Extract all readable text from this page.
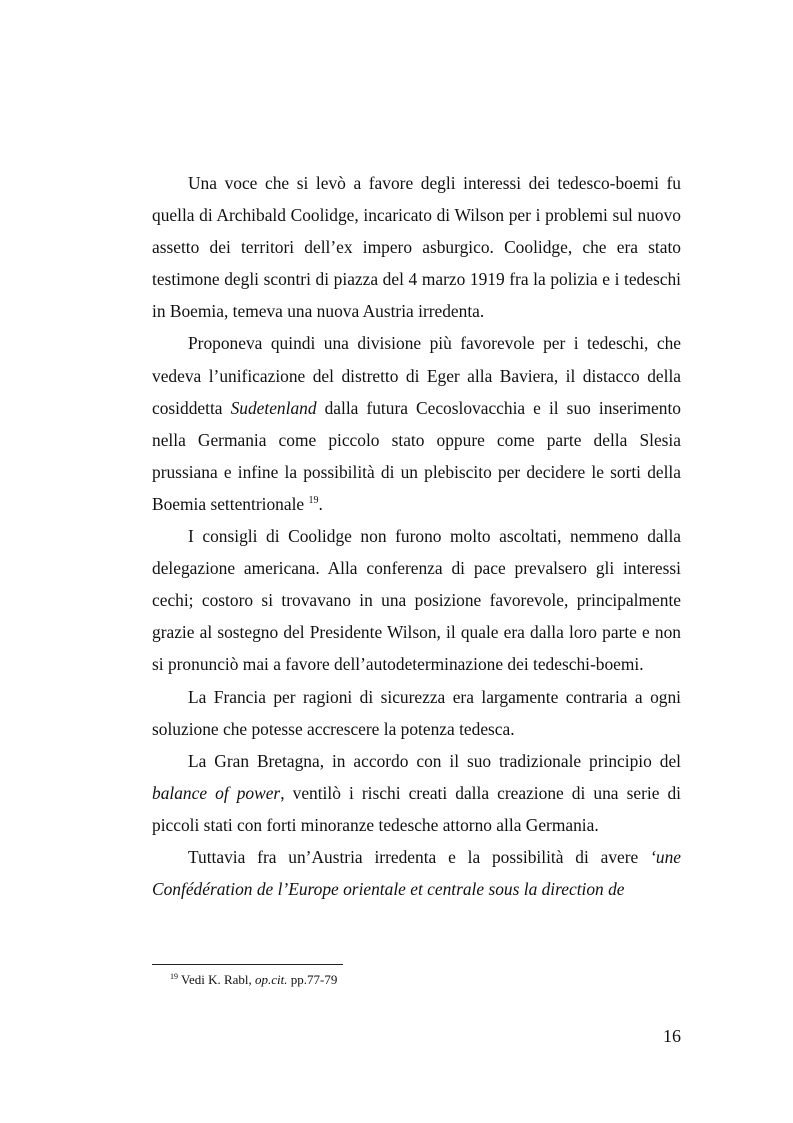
Una voce che si levò a favore degli interessi dei tedesco-boemi fu quella di Archibald Coolidge, incaricato di Wilson per i problemi sul nuovo assetto dei territori dell’ex impero asburgico. Coolidge, che era stato testimone degli scontri di piazza del 4 marzo 1919 fra la polizia e i tedeschi in Boemia, temeva una nuova Austria irredenta.

Proponeva quindi una divisione più favorevole per i tedeschi, che vedeva l’unificazione del distretto di Eger alla Baviera, il distacco della cosiddetta Sudetenland dalla futura Cecoslovacchia e il suo inserimento nella Germania come piccolo stato oppure come parte della Slesia prussiana e infine la possibilità di un plebiscito per decidere le sorti della Boemia settentrionale $^{19}$.

I consigli di Coolidge non furono molto ascoltati, nemmeno dalla delegazione americana. Alla conferenza di pace prevalsero gli interessi cechi; costoro si trovavano in una posizione favorevole, principalmente grazie al sostegno del Presidente Wilson, il quale era dalla loro parte e non si pronunciò mai a favore dell’autodeterminazione dei tedeschi-boemi.

La Francia per ragioni di sicurezza era largamente contraria a ogni soluzione che potesse accrescere la potenza tedesca.

La Gran Bretagna, in accordo con il suo tradizionale principio del balance of power, ventilò i rischi creati dalla creazione di una serie di piccoli stati con forti minoranze tedesche attorno alla Germania.

Tuttavia fra un’Austria irredenta e la possibilità di avere ‘une Confédération de l’Europe orientale et centrale sous la direction de

$^{19}$ Vedi K. Rabl, op.cit. pp.77-79
16
